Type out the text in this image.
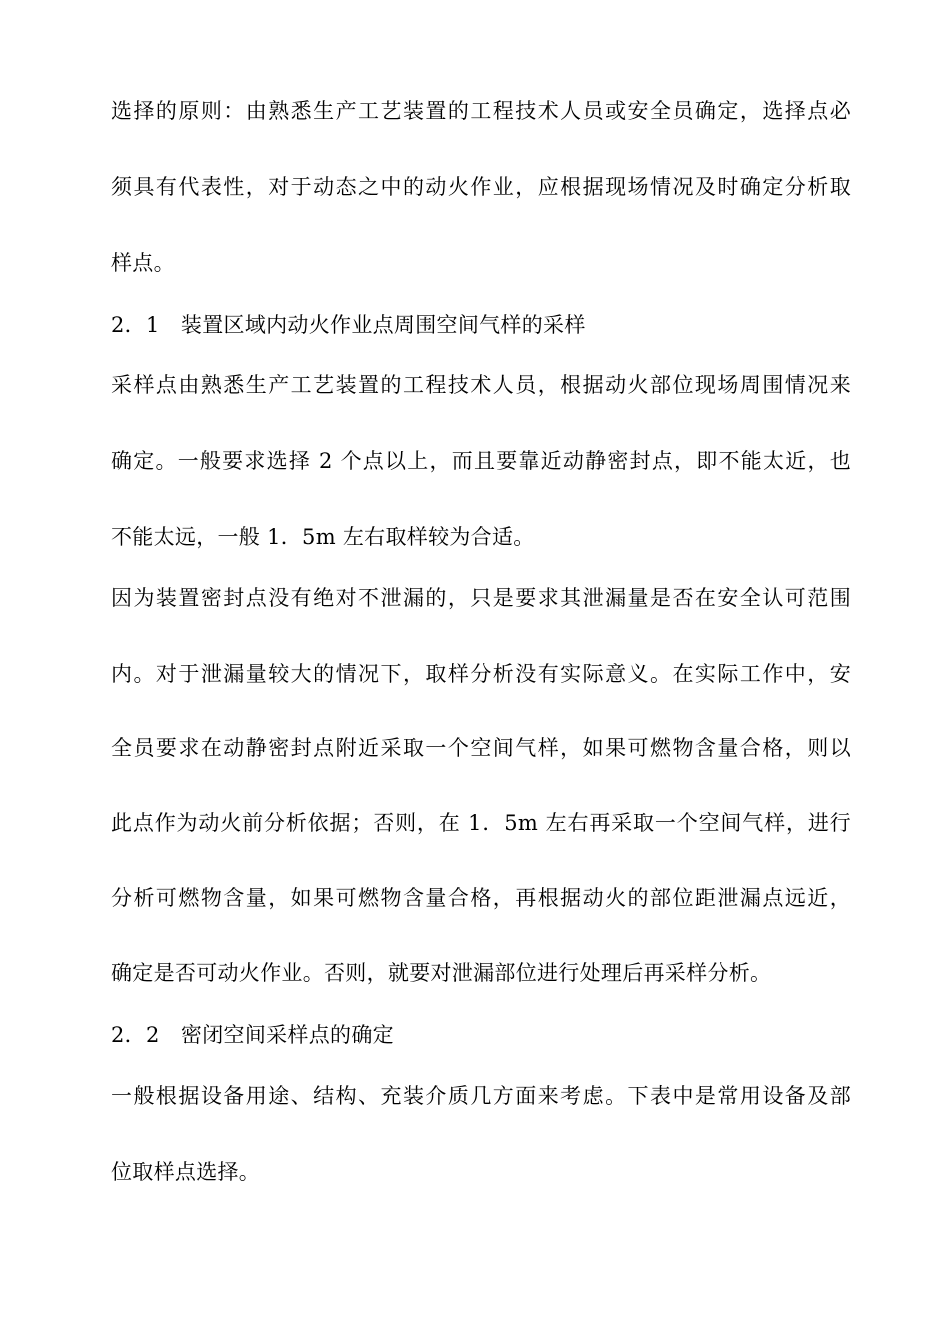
选择的原则：由熟悉生产工艺装置的工程技术人员或安全员确定，选择点必
须具有代表性，对于动态之中的动火作业，应根据现场情况及时确定分析取
样点。
2．1　装置区域内动火作业点周围空间气样的采样
采样点由熟悉生产工艺装置的工程技术人员，根据动火部位现场周围情况来
确定。一般要求选择 2 个点以上，而且要靠近动静密封点，即不能太近，也
不能太远，一般 1．5m 左右取样较为合适。
因为装置密封点没有绝对不泄漏的，只是要求其泄漏量是否在安全认可范围
内。对于泄漏量较大的情况下，取样分析没有实际意义。在实际工作中，安
全员要求在动静密封点附近采取一个空间气样，如果可燃物含量合格，则以
此点作为动火前分析依据；否则，在 1．5m 左右再采取一个空间气样，进行
分析可燃物含量，如果可燃物含量合格，再根据动火的部位距泄漏点远近，
确定是否可动火作业。否则，就要对泄漏部位进行处理后再采样分析。
2．2　密闭空间采样点的确定
一般根据设备用途、结构、充装介质几方面来考虑。下表中是常用设备及部
位取样点选择。
